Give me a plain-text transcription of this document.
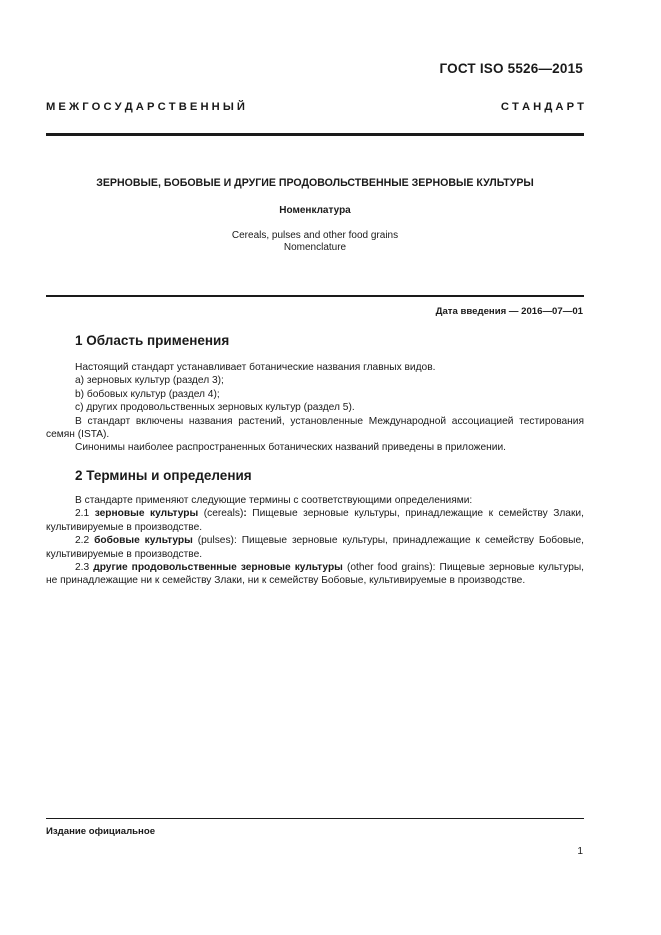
ГОСТ ISO 5526—2015
М Е Ж Г О С У Д А Р С Т В Е Н Н Ы Й	С Т А Н Д А Р Т
ЗЕРНОВЫЕ, БОБОВЫЕ И ДРУГИЕ ПРОДОВОЛЬСТВЕННЫЕ ЗЕРНОВЫЕ КУЛЬТУРЫ
Номенклатура
Cereals, pulses and other food grains
Nomenclature
Дата введения — 2016—07—01
1 Область применения

Настоящий стандарт устанавливает ботанические названия главных видов.

a) зерновых культур (раздел 3);

b) бобовых культур (раздел 4);

c) других продовольственных зерновых культур (раздел 5).

В стандарт включены названия растений, установленные Международной ассоциацией тестирования семян (ISTA).

Синонимы наиболее распространенных ботанических названий приведены в приложении.

2 Термины и определения

В стандарте применяют следующие термины с соответствующими определениями:

2.1 зерновые культуры (cereals): Пищевые зерновые культуры, принадлежащие к семейству Злаки, культивируемые в производстве.

2.2 бобовые культуры (pulses): Пищевые зерновые культуры, принадлежащие к семейству Бобовые, культивируемые в производстве.

2.3 другие продовольственные зерновые культуры (other food grains): Пищевые зерновые культуры, не принадлежащие ни к семейству Злаки, ни к семейству Бобовые, культивируемые в производстве.

Издание официальное
1
